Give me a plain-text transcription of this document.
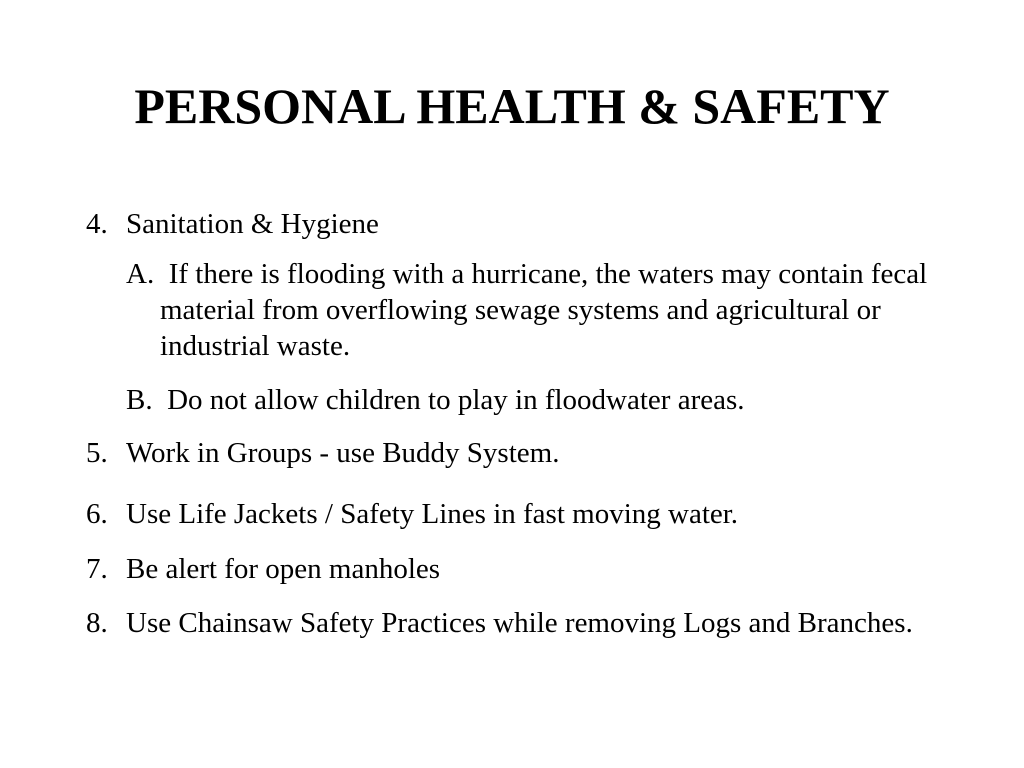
PERSONAL HEALTH & SAFETY
4. Sanitation & Hygiene
A.  If there is flooding with a hurricane, the waters may contain fecal material from overflowing sewage systems and agricultural or industrial waste.
B.  Do not allow children to play in floodwater areas.
5. Work in Groups - use Buddy System.
6. Use Life Jackets / Safety Lines in fast moving water.
7. Be alert for open manholes
8. Use Chainsaw Safety Practices while removing Logs and Branches.
